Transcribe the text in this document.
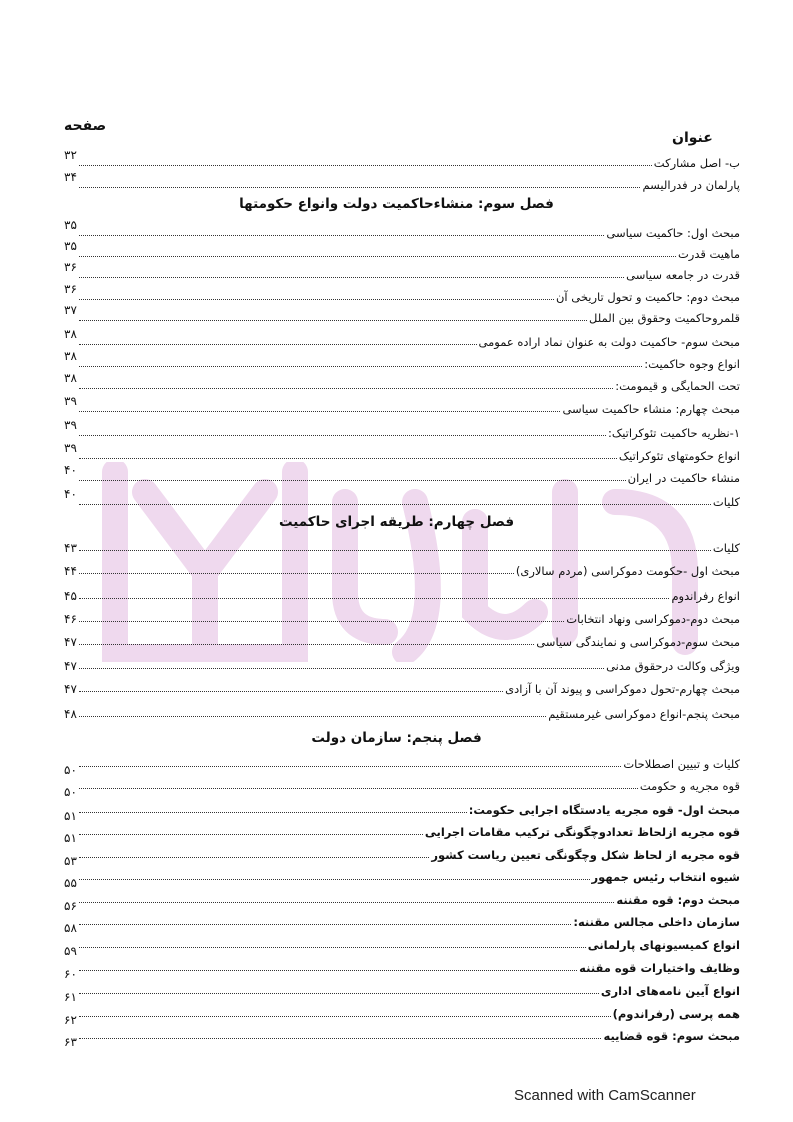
عنوان
صفحه
ب- اصل مشارکت
۳۲
پارلمان در فدرالیسم
۳۴
فصل سوم: منشاءحاکمیت دولت وانواع حکومتها
مبحث اول: حاکمیت سیاسی
۳۵
ماهیت قدرت
۳۵
قدرت در جامعه سیاسی
۳۶
مبحث دوم: حاکمیت و تحول تاریخی آن
۳۶
قلمروحاکمیت وحقوق بین الملل
۳۷
مبحث سوم- حاکمیت دولت به عنوان نماد اراده عمومی
۳۸
انواع وجوه حاکمیت:
۳۸
تحت الحمایگی و قیمومت:
۳۸
مبحث چهارم: منشاء حاکمیت سیاسی
۳۹
۱-نظریه حاکمیت تئوکراتیک:
۳۹
انواع حکومتهای تئوکراتیک
۳۹
منشاء حاکمیت در ایران
۴۰
کلیات
۴۰
فصل چهارم: طریقه اجرای حاکمیت
کلیات
۴۳
مبحث اول -حکومت دموکراسی (مردم سالاری)
۴۴
انواع رفراندوم
۴۵
مبحث دوم-دموکراسی ونهاد انتخابات
۴۶
مبحث سوم-دموکراسی و نمایندگی سیاسی
۴۷
ویژگی وکالت درحقوق مدنی
۴۷
مبحث چهارم-تحول دموکراسی و پیوند آن با آزادی
۴۷
مبحث پنجم-انواع دموکراسی غیرمستقیم
۴۸
فصل پنجم: سازمان دولت
کلیات و تبیین اصطلاحات
۵۰
قوه مجریه و حکومت
۵۰
مبحث اول- قوه مجریه یادستگاه اجرایی حکومت:
۵۱
قوه مجریه ازلحاظ تعدادوچگونگی ترکیب مقامات اجرایی
۵۱
قوه مجریه از لحاظ شکل وچگونگی تعیین ریاست کشور
۵۳
شیوه انتخاب رئیس جمهور
۵۵
مبحث دوم: قوه مقننه
۵۶
سازمان داخلی مجالس مقننه:
۵۸
انواع کمیسیونهای پارلمانی
۵۹
وظایف واختیارات قوه مقننه
۶۰
انواع آیین نامه‌های اداری
۶۱
همه پرسی (رفراندوم)
۶۲
مبحث سوم: قوه قضاییه
۶۳
Scanned with CamScanner
